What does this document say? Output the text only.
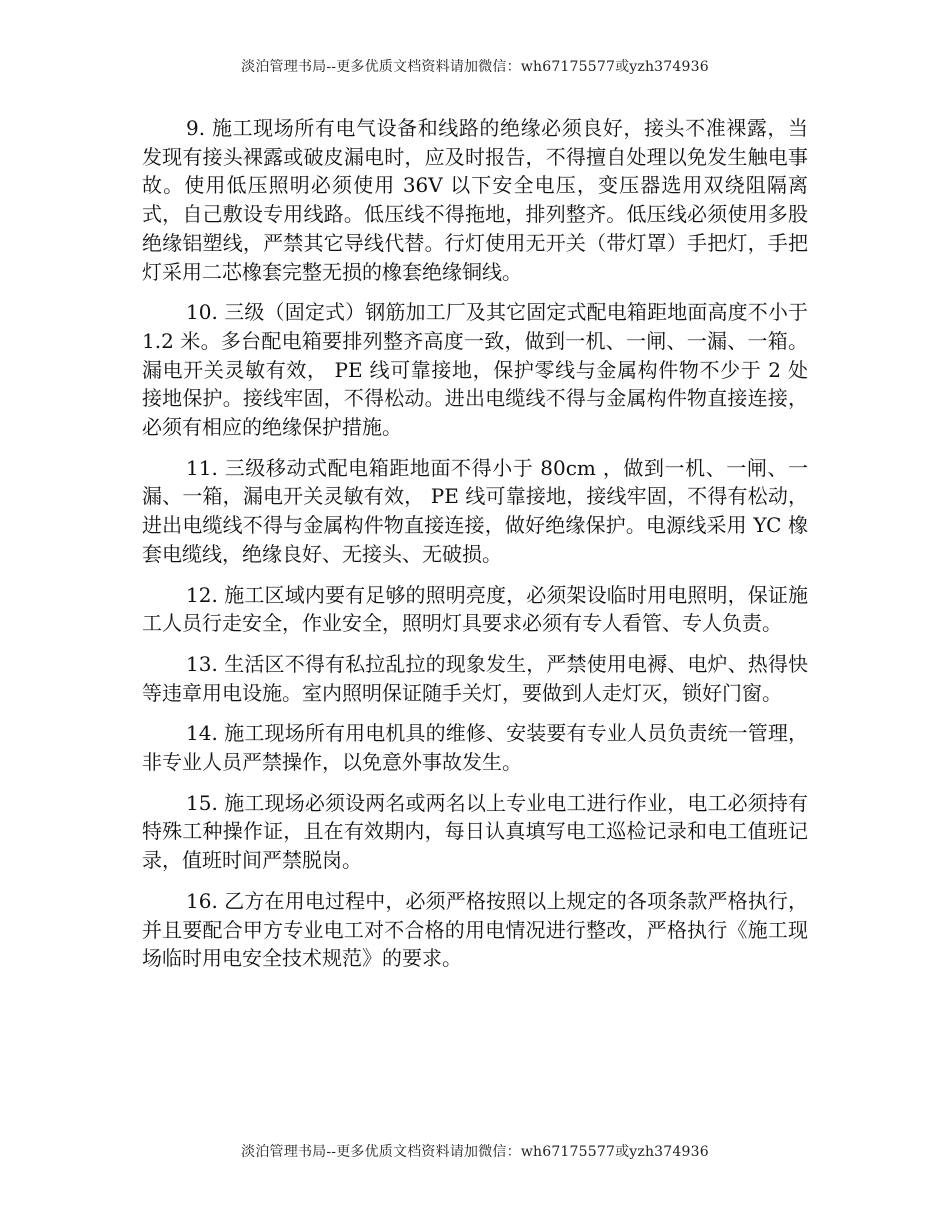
淡泊管理书局--更多优质文档资料请加微信：wh67175577或yzh374936

9. 施工现场所有电气设备和线路的绝缘必须良好，接头不准裸露，当发现有接头裸露或破皮漏电时，应及时报告，不得擅自处理以免发生触电事故。使用低压照明必须使用 36V 以下安全电压，变压器选用双绕阻隔离式，自己敷设专用线路。低压线不得拖地，排列整齐。低压线必须使用多股绝缘铝塑线，严禁其它导线代替。行灯使用无开关（带灯罩）手把灯，手把灯采用二芯橡套完整无损的橡套绝缘铜线。

10. 三级（固定式）钢筋加工厂及其它固定式配电箱距地面高度不小于 1.2 米。多台配电箱要排列整齐高度一致，做到一机、一闸、一漏、一箱。漏电开关灵敏有效， PE 线可靠接地，保护零线与金属构件物不少于 2 处接地保护。接线牢固，不得松动。进出电缆线不得与金属构件物直接连接，必须有相应的绝缘保护措施。

11. 三级移动式配电箱距地面不得小于 80cm ，做到一机、一闸、一漏、一箱，漏电开关灵敏有效， PE 线可靠接地，接线牢固，不得有松动，进出电缆线不得与金属构件物直接连接，做好绝缘保护。电源线采用 YC 橡套电缆线，绝缘良好、无接头、无破损。

12. 施工区域内要有足够的照明亮度，必须架设临时用电照明，保证施工人员行走安全，作业安全，照明灯具要求必须有专人看管、专人负责。

13. 生活区不得有私拉乱拉的现象发生，严禁使用电褥、电炉、热得快等违章用电设施。室内照明保证随手关灯，要做到人走灯灭，锁好门窗。

14. 施工现场所有用电机具的维修、安装要有专业人员负责统一管理，非专业人员严禁操作，以免意外事故发生。

15. 施工现场必须设两名或两名以上专业电工进行作业，电工必须持有特殊工种操作证，且在有效期内，每日认真填写电工巡检记录和电工值班记录，值班时间严禁脱岗。

16. 乙方在用电过程中，必须严格按照以上规定的各项条款严格执行，并且要配合甲方专业电工对不合格的用电情况进行整改，严格执行《施工现场临时用电安全技术规范》的要求。

淡泊管理书局--更多优质文档资料请加微信：wh67175577或yzh374936
